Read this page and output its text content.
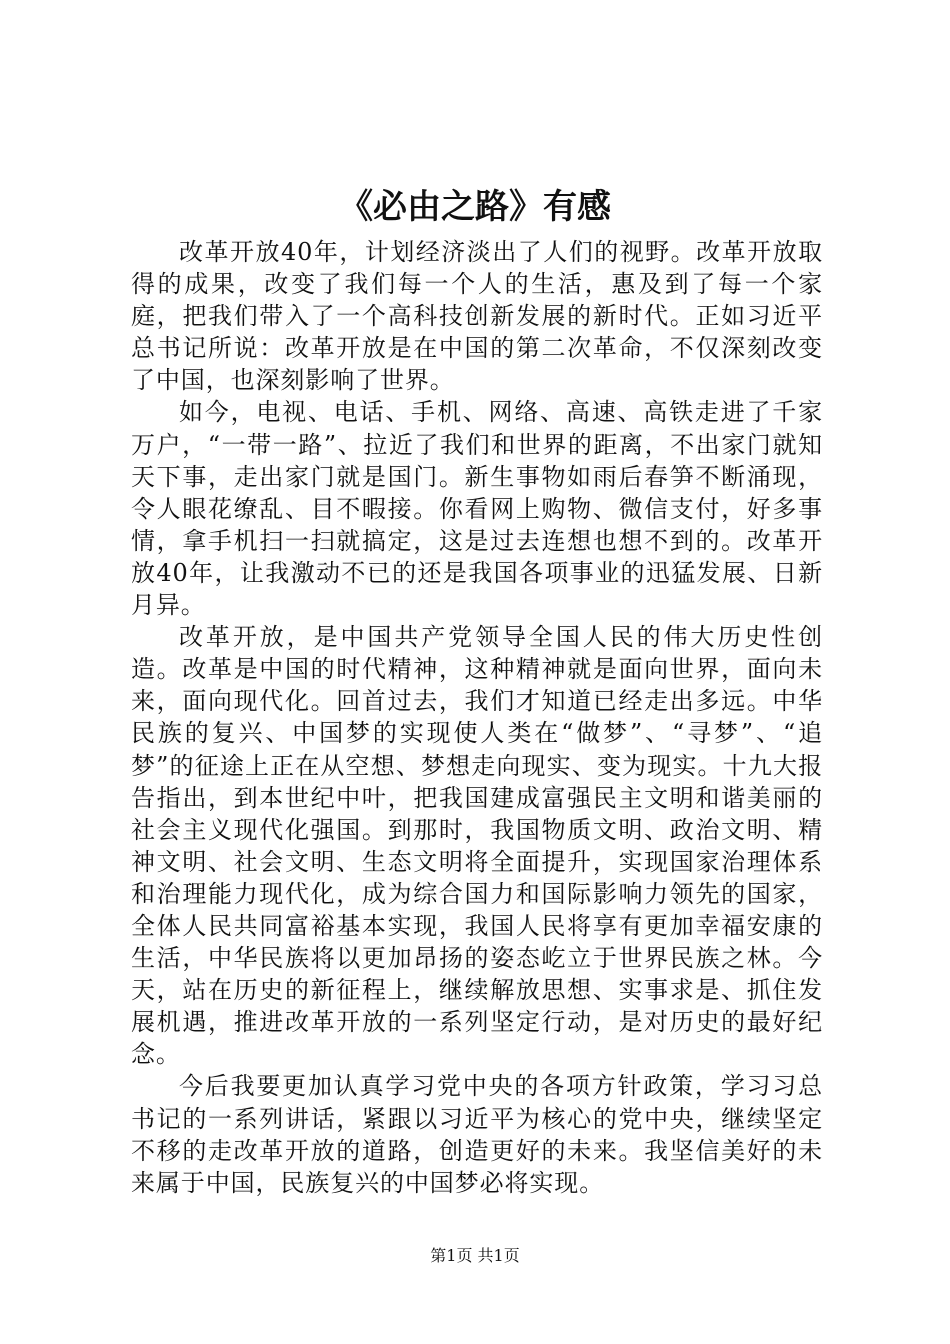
《必由之路》有感

改革开放40年，计划经济淡出了人们的视野。改革开放取得的成果，改变了我们每一个人的生活，惠及到了每一个家庭，把我们带入了一个高科技创新发展的新时代。正如习近平总书记所说：改革开放是在中国的第二次革命，不仅深刻改变了中国，也深刻影响了世界。

如今，电视、电话、手机、网络、高速、高铁走进了千家万户，“一带一路”、拉近了我们和世界的距离，不出家门就知天下事，走出家门就是国门。新生事物如雨后春笋不断涌现，令人眼花缭乱、目不暇接。你看网上购物、微信支付，好多事情，拿手机扫一扫就搞定，这是过去连想也想不到的。改革开放40年，让我激动不已的还是我国各项事业的迅猛发展、日新月异。

改革开放，是中国共产党领导全国人民的伟大历史性创造。改革是中国的时代精神，这种精神就是面向世界，面向未来，面向现代化。回首过去，我们才知道已经走出多远。中华民族的复兴、中国梦的实现使人类在“做梦”、“寻梦”、“追梦”的征途上正在从空想、梦想走向现实、变为现实。十九大报告指出，到本世纪中叶，把我国建成富强民主文明和谐美丽的社会主义现代化强国。到那时，我国物质文明、政治文明、精神文明、社会文明、生态文明将全面提升，实现国家治理体系和治理能力现代化，成为综合国力和国际影响力领先的国家，全体人民共同富裕基本实现，我国人民将享有更加幸福安康的生活，中华民族将以更加昂扬的姿态屹立于世界民族之林。今天，站在历史的新征程上，继续解放思想、实事求是、抓住发展机遇，推进改革开放的一系列坚定行动，是对历史的最好纪念。

今后我要更加认真学习党中央的各项方针政策，学习习总书记的一系列讲话，紧跟以习近平为核心的党中央，继续坚定不移的走改革开放的道路，创造更好的未来。我坚信美好的未来属于中国，民族复兴的中国梦必将实现。

第1页 共1页
